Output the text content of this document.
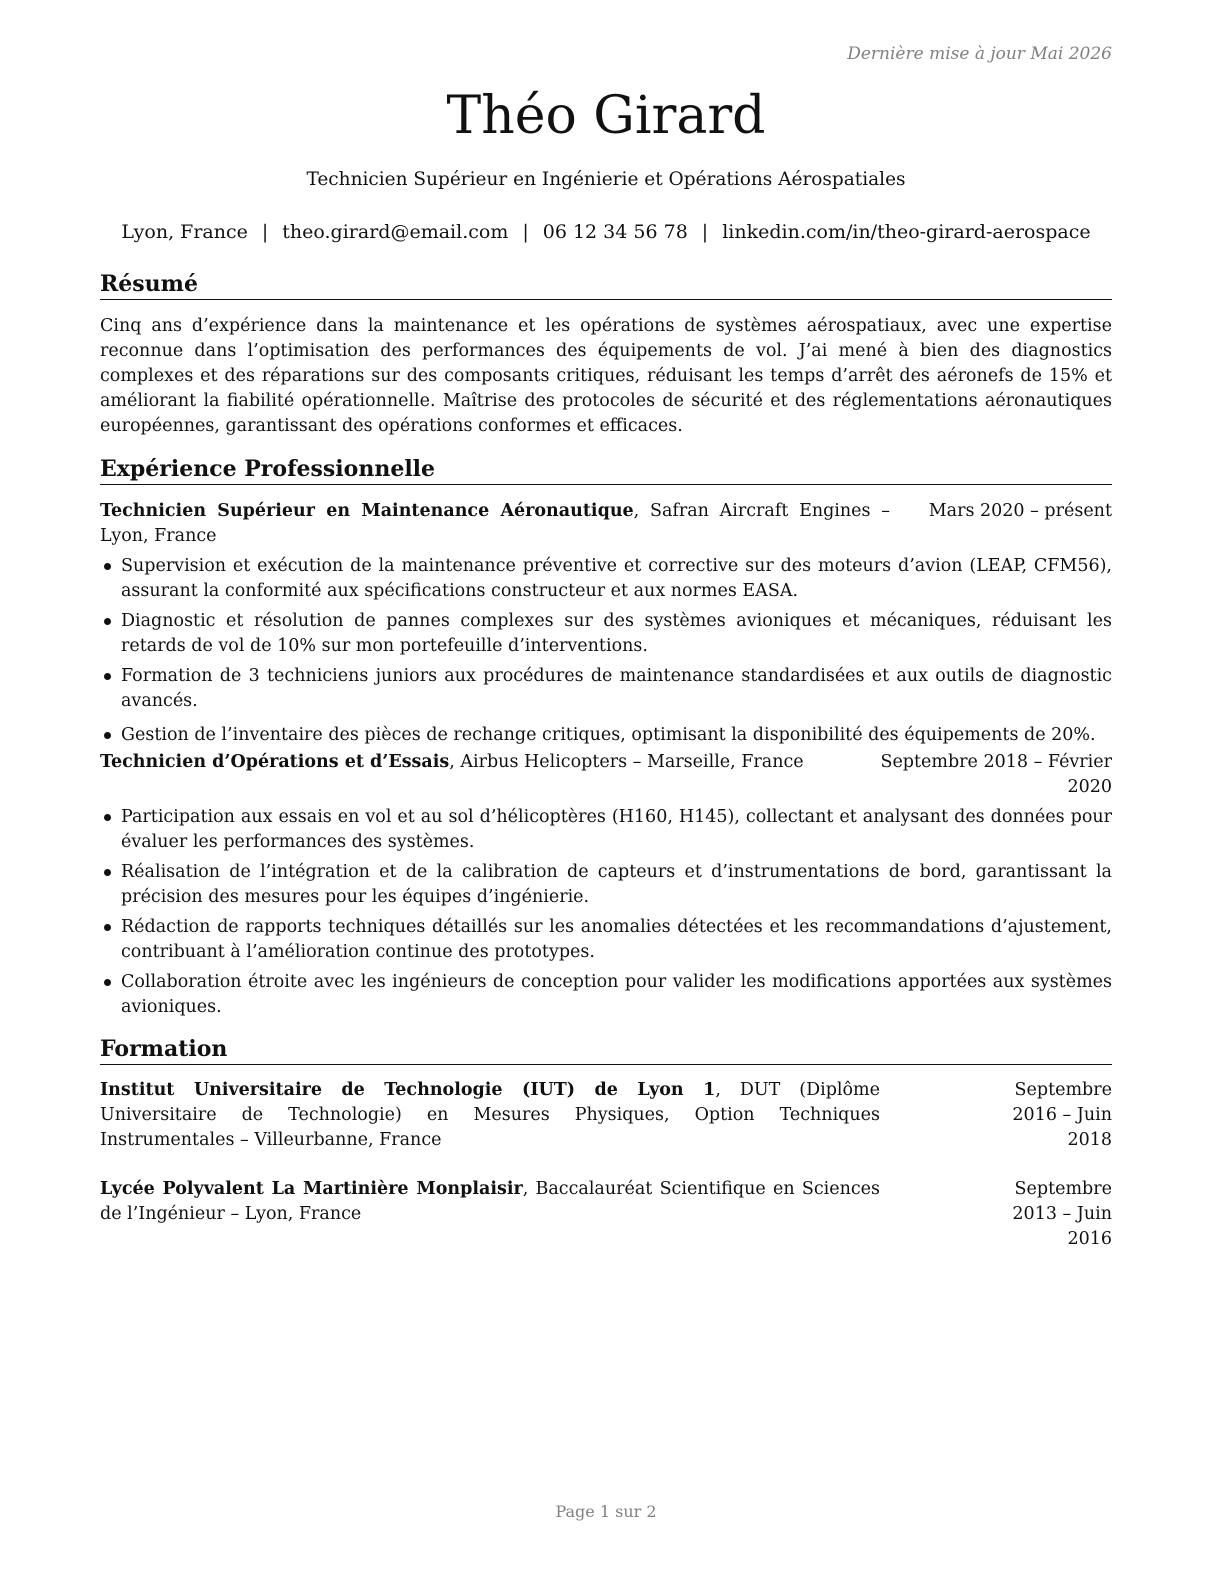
Dernière mise à jour Mai 2026
Théo Girard
Technicien Supérieur en Ingénierie et Opérations Aérospatiales
Lyon, France | theo.girard@email.com | 06 12 34 56 78 | linkedin.com/in/theo-girard-aerospace
Résumé
Cinq ans d’expérience dans la maintenance et les opérations de systèmes aérospatiaux, avec une expertise reconnue dans l’optimisation des performances des équipements de vol. J’ai mené à bien des diagnostics complexes et des réparations sur des composants critiques, réduisant les temps d’arrêt des aéronefs de 15% et améliorant la fiabilité opérationnelle. Maîtrise des protocoles de sécurité et des réglementations aéronautiques européennes, garantissant des opérations conformes et efficaces.
Expérience Professionnelle
Technicien Supérieur en Maintenance Aéronautique, Safran Aircraft Engines – Lyon, France
Mars 2020 – présent
Supervision et exécution de la maintenance préventive et corrective sur des moteurs d’avion (LEAP, CFM56), assurant la conformité aux spécifications constructeur et aux normes EASA.
Diagnostic et résolution de pannes complexes sur des systèmes avioniques et mécaniques, réduisant les retards de vol de 10% sur mon portefeuille d’interventions.
Formation de 3 techniciens juniors aux procédures de maintenance standardisées et aux outils de diagnostic avancés.
Gestion de l’inventaire des pièces de rechange critiques, optimisant la disponibilité des équipements de 20%.
Technicien d’Opérations et d’Essais, Airbus Helicopters – Marseille, France	Septembre 2018 – Février 2020
Participation aux essais en vol et au sol d’hélicoptères (H160, H145), collectant et analysant des données pour évaluer les performances des systèmes.
Réalisation de l’intégration et de la calibration de capteurs et d’instrumentations de bord, garantissant la précision des mesures pour les équipes d’ingénierie.
Rédaction de rapports techniques détaillés sur les anomalies détectées et les recommandations d’ajustement, contribuant à l’amélioration continue des prototypes.
Collaboration étroite avec les ingénieurs de conception pour valider les modifications apportées aux systèmes avioniques.
Formation
Institut Universitaire de Technologie (IUT) de Lyon 1, DUT (Diplôme Universitaire de Technologie) en Mesures Physiques, Option Techniques Instrumentales – Villeurbanne, France
Septembre 2016 – Juin 2018
Lycée Polyvalent La Martinière Monplaisir, Baccalauréat Scientifique en Sciences de l’Ingénieur – Lyon, France
Septembre 2013 – Juin 2016
Page 1 sur 2
